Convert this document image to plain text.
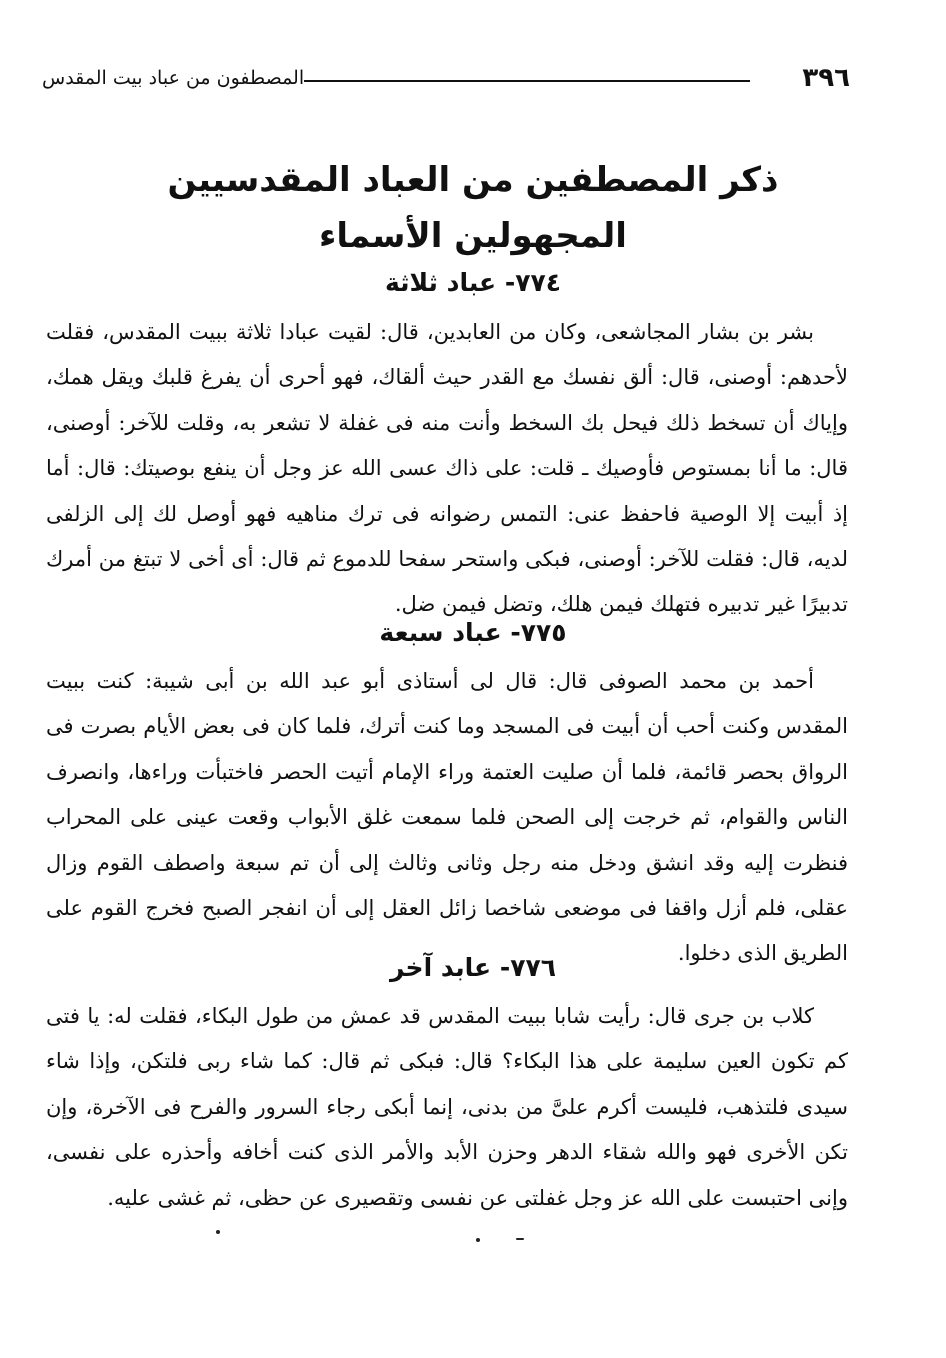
٣٩٦
المصطفون من عباد بيت المقدس
ذكر المصطفين من العباد المقدسيين
المجهولين الأسماء
٧٧٤- عباد ثلاثة
بشر بن بشار المجاشعى، وكان من العابدين، قال: لقيت عبادا ثلاثة ببيت المقدس، فقلت لأحدهم: أوصنى، قال: ألق نفسك مع القدر حيث ألقاك، فهو أحرى أن يفرغ قلبك ويقل همك، وإياك أن تسخط ذلك فيحل بك السخط وأنت منه فى غفلة لا تشعر به، وقلت للآخر: أوصنى، قال: ما أنا بمستوص فأوصيك ـ قلت: على ذاك عسى الله عز وجل أن ينفع بوصيتك: قال: أما إذ أبيت إلا الوصية فاحفظ عنى: التمس رضوانه فى ترك مناهيه فهو أوصل لك إلى الزلفى لديه، قال: فقلت للآخر: أوصنى، فبكى واستحر سفحا للدموع ثم قال: أى أخى لا تبتغ من أمرك تدبيرًا غير تدبيره فتهلك فيمن هلك، وتضل فيمن ضل.
٧٧٥- عباد سبعة
أحمد بن محمد الصوفى قال: قال لى أستاذى أبو عبد الله بن أبى شيبة: كنت ببيت المقدس وكنت أحب أن أبيت فى المسجد وما كنت أترك، فلما كان فى بعض الأيام بصرت فى الرواق بحصر قائمة، فلما أن صليت العتمة وراء الإمام أتيت الحصر فاختبأت وراءها، وانصرف الناس والقوام، ثم خرجت إلى الصحن فلما سمعت غلق الأبواب وقعت عينى على المحراب فنظرت إليه وقد انشق ودخل منه رجل وثانى وثالث إلى أن تم سبعة واصطف القوم وزال عقلى، فلم أزل واقفا فى موضعى شاخصا زائل العقل إلى أن انفجر الصبح فخرج القوم على الطريق الذى دخلوا.
٧٧٦- عابد آخر
كلاب بن جرى قال: رأيت شابا ببيت المقدس قد عمش من طول البكاء، فقلت له: يا فتى كم تكون العين سليمة على هذا البكاء؟ قال: فبكى ثم قال: كما شاء ربى فلتكن، وإذا شاء سيدى فلتذهب، فليست أكرم علىَّ من بدنى، إنما أبكى رجاء السرور والفرح فى الآخرة، وإن تكن الأخرى فهو والله شقاء الدهر وحزن الأبد والأمر الذى كنت أخافه وأحذره على نفسى، وإنى احتبست على الله عز وجل غفلتى عن نفسى وتقصيرى عن حظى، ثم غشى عليه.
